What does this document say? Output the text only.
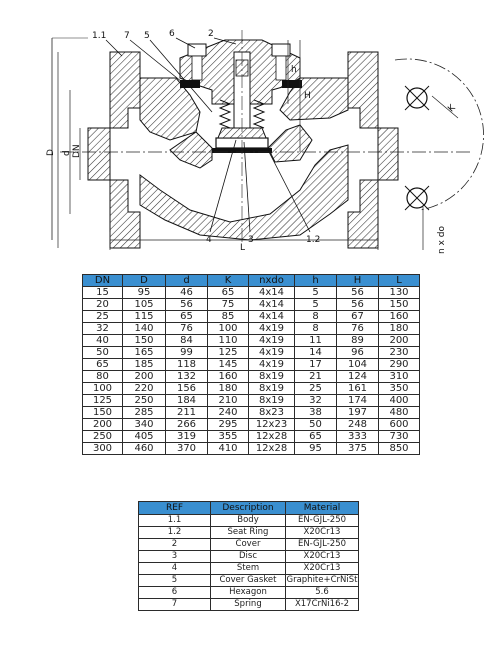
1.1 7 5 6	2
4	3	1.2
D d DN
H
h
L
K
n x do
DN	D	d	K	nxdo	h	H	L
15	95	46	65	4x14	5	56	130
20	105	56	75	4x14	5	56	150
25	115	65	85	4x14	8	67	160
32	140	76	100	4x19	8	76	180
40	150	84	110	4x19	11	89	200
50	165	99	125	4x19	14	96	230
65	185	118	145	4x19	17	104	290
80	200	132	160	8x19	21	124	310
100	220	156	180	8x19	25	161	350
125	250	184	210	8x19	32	174	400
150	285	211	240	8x23	38	197	480
200	340	266	295	12x23	50	248	600
250	405	319	355	12x28	65	333	730
300	460	370	410	12x28	95	375	850
REF	Description	Material
1.1	Body	EN-GJL-250
1.2	Seat Ring	X20Cr13
2	Cover	EN-GJL-250
3	Disc	X20Cr13
4	Stem	X20Cr13
5	Cover Gasket	Graphite+CrNiSt
6	Hexagon	5.6
7	Spring	X17CrNi16-2
